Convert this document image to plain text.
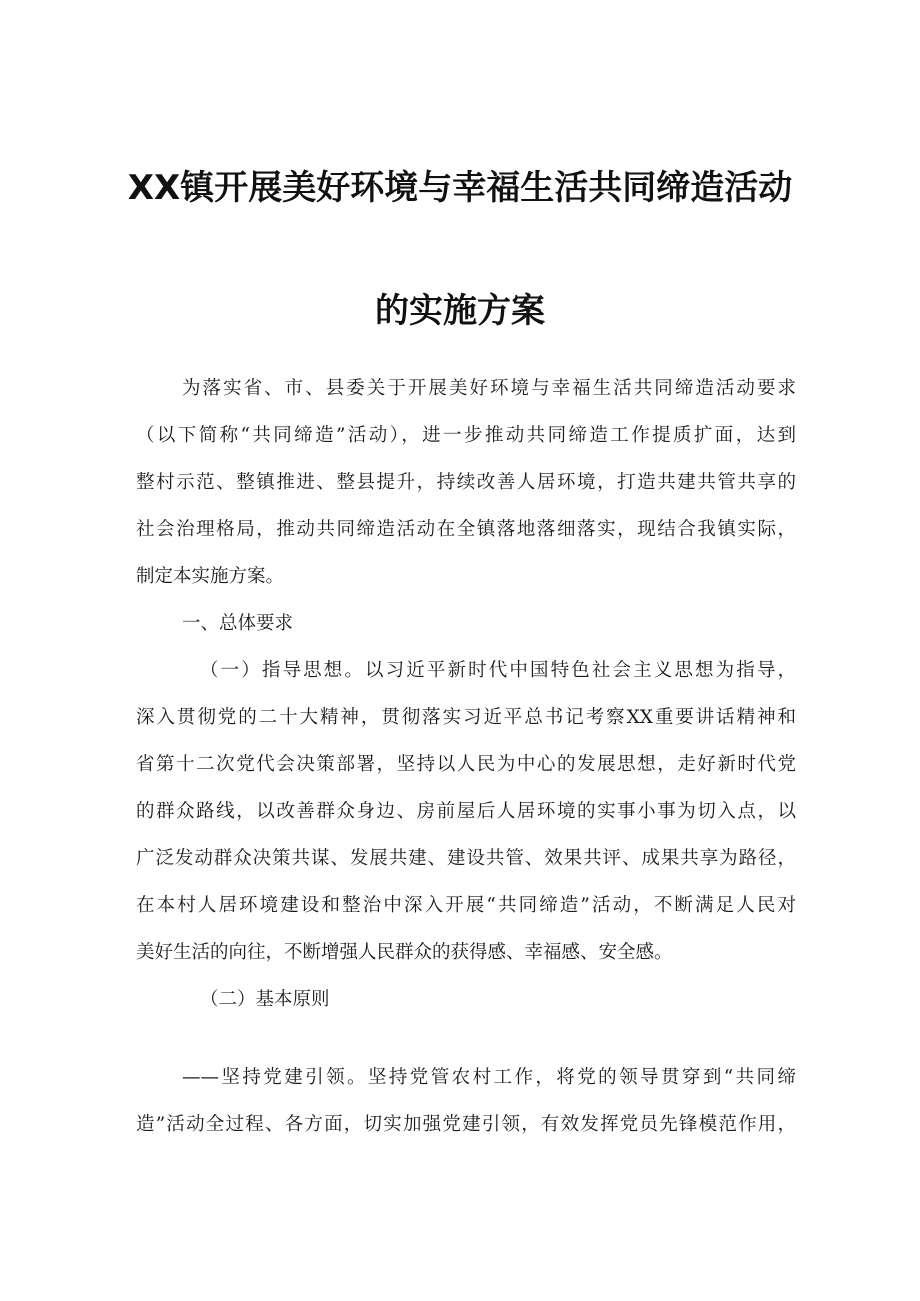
XX镇开展美好环境与幸福生活共同缔造活动
的实施方案
为落实省、市、县委关于开展美好环境与幸福生活共同缔造活动要求
（以下简称“共同缔造”活动），进一步推动共同缔造工作提质扩面，达到
整村示范、整镇推进、整县提升，持续改善人居环境，打造共建共管共享的
社会治理格局，推动共同缔造活动在全镇落地落细落实，现结合我镇实际，
制定本实施方案。
一、总体要求
（一）指导思想。以习近平新时代中国特色社会主义思想为指导，
深入贯彻党的二十大精神，贯彻落实习近平总书记考察XX重要讲话精神和
省第十二次党代会决策部署，坚持以人民为中心的发展思想，走好新时代党
的群众路线，以改善群众身边、房前屋后人居环境的实事小事为切入点，以
广泛发动群众决策共谋、发展共建、建设共管、效果共评、成果共享为路径，
在本村人居环境建设和整治中深入开展“共同缔造”活动，不断满足人民对
美好生活的向往，不断增强人民群众的获得感、幸福感、安全感。
（二）基本原则
——坚持党建引领。坚持党管农村工作，将党的领导贯穿到“共同缔
造”活动全过程、各方面，切实加强党建引领，有效发挥党员先锋模范作用，
